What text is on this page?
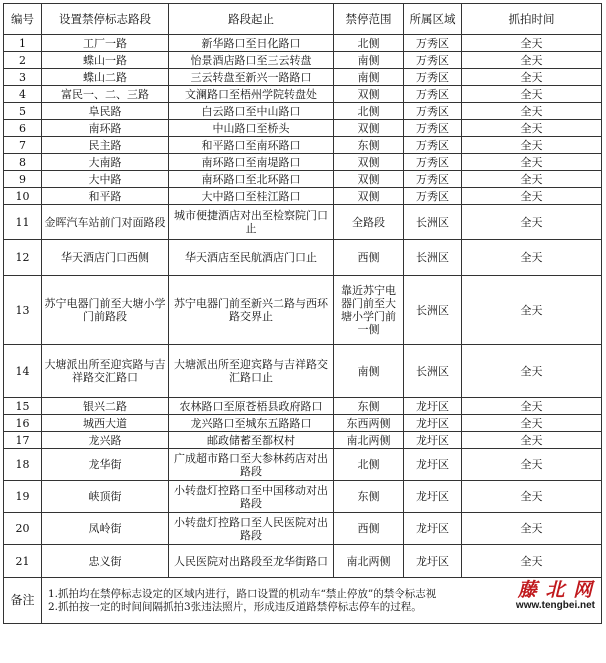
编号	设置禁停标志路段	路段起止	禁停范围	所属区域	抓拍时间
1	工厂一路	新华路口至日化路口	北侧	万秀区	全天
2	蝶山一路	怡景酒店路口至三云转盘	南侧	万秀区	全天
3	蝶山二路	三云转盘至新兴一路路口	南侧	万秀区	全天
4	富民一、二、三路	文澜路口至梧州学院转盘处	双侧	万秀区	全天
5	阜民路	白云路口至中山路口	北侧	万秀区	全天
6	南环路	中山路口至桥头	双侧	万秀区	全天
7	民主路	和平路口至南环路口	东侧	万秀区	全天
8	大南路	南环路口至南堤路口	双侧	万秀区	全天
9	大中路	南环路口至北环路口	双侧	万秀区	全天
10	和平路	大中路口至桂江路口	双侧	万秀区	全天
11	金晖汽车站前门对面路段	城市便捷酒店对出至检察院门口止	全路段	长洲区	全天
12	华天酒店门口西侧	华天酒店至民航酒店门口止	西侧	长洲区	全天
13	苏宁电器门前至大塘小学门前路段	苏宁电器门前至新兴二路与西环路交界止	靠近苏宁电器门前至大塘小学门前一侧	长洲区	全天
14	大塘派出所至迎宾路与吉祥路交汇路口	大塘派出所至迎宾路与吉祥路交汇路口止	南侧	长洲区	全天
15	银兴二路	农林路口至原苍梧县政府路口	东侧	龙圩区	全天
16	城西大道	龙兴路口至城东五路路口	东西两侧	龙圩区	全天
17	龙兴路	邮政储蓄至都权村	南北两侧	龙圩区	全天
18	龙华街	广成超市路口至大参林药店对出路段	北侧	龙圩区	全天
19	峡顶街	小转盘灯控路口至中国移动对出路段	东侧	龙圩区	全天
20	凤岭街	小转盘灯控路口至人民医院对出路段	西侧	龙圩区	全天
21	忠义街	人民医院对出路段至龙华街路口	南北两侧	龙圩区	全天
备注	1.抓拍均在禁停标志设定的区域内进行，路口设置的机动车“禁止停放”的禁令标志视
2.抓拍按一定的时间间隔抓拍3张违法照片，形成违反道路禁停标志停车的过程。
藤 北 网
www.tengbei.net				
